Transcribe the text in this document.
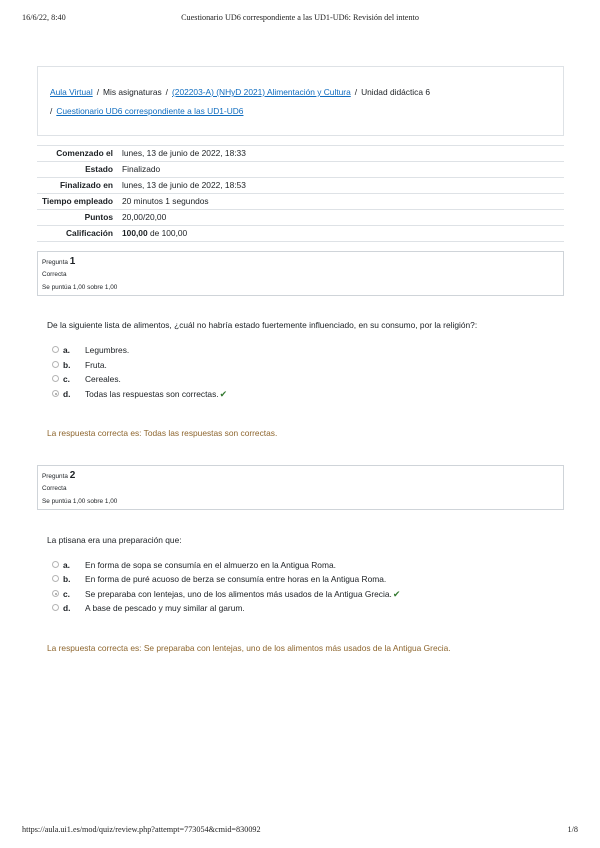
16/6/22, 8:40	Cuestionario UD6 correspondiente a las UD1-UD6: Revisión del intento
Aula Virtual / Mis asignaturas / (202203-A) (NHyD 2021) Alimentación y Cultura / Unidad didáctica 6
/ Cuestionario UD6 correspondiente a las UD1-UD6
Comenzado el	lunes, 13 de junio de 2022, 18:33
Estado	Finalizado
Finalizado en	lunes, 13 de junio de 2022, 18:53
Tiempo empleado	20 minutos 1 segundos
Puntos	20,00/20,00
Calificación	100,00 de 100,00
Pregunta 1
Correcta
Se puntúa 1,00 sobre 1,00
De la siguiente lista de alimentos, ¿cuál no habría estado fuertemente influenciado, en su consumo, por la religión?:
a. Legumbres.
b. Fruta.
c. Cereales.
d. Todas las respuestas son correctas.✔
La respuesta correcta es: Todas las respuestas son correctas.
Pregunta 2
Correcta
Se puntúa 1,00 sobre 1,00
La ptisana era una preparación que:
a. En forma de sopa se consumía en el almuerzo en la Antigua Roma.
b. En forma de puré acuoso de berza se consumía entre horas en la Antigua Roma.
c. Se preparaba con lentejas, uno de los alimentos más usados de la Antigua Grecia.✔
d. A base de pescado y muy similar al garum.
La respuesta correcta es: Se preparaba con lentejas, uno de los alimentos más usados de la Antigua Grecia.
https://aula.ui1.es/mod/quiz/review.php?attempt=773054&cmid=830092	1/8
